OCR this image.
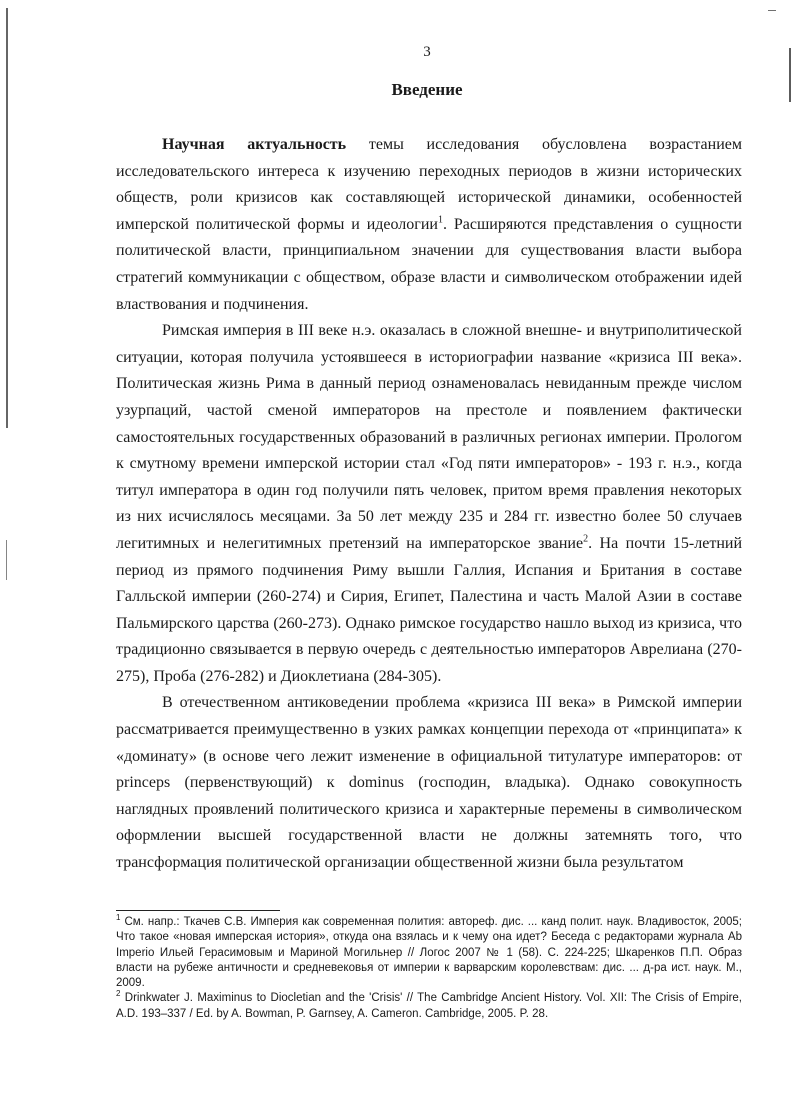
3
Введение

Научная актуальность темы исследования обусловлена возрастанием исследовательского интереса к изучению переходных периодов в жизни исторических обществ, роли кризисов как составляющей исторической динамики, особенностей имперской политической формы и идеологии$^1$. Расширяются представления о сущности политической власти, принципиальном значении для существования власти выбора стратегий коммуникации с обществом, образе власти и символическом отображении идей властвования и подчинения.

Римская империя в III веке н.э. оказалась в сложной внешне- и внутриполитической ситуации, которая получила устоявшееся в историографии название «кризиса III века». Политическая жизнь Рима в данный период ознаменовалась невиданным прежде числом узурпаций, частой сменой императоров на престоле и появлением фактически самостоятельных государственных образований в различных регионах империи. Прологом к смутному времени имперской истории стал «Год пяти императоров» - 193 г. н.э., когда титул императора в один год получили пять человек, притом время правления некоторых из них исчислялось месяцами. За 50 лет между 235 и 284 гг. известно более 50 случаев легитимных и нелегитимных претензий на императорское звание$^2$. На почти 15-летний период из прямого подчинения Риму вышли Галлия, Испания и Британия в составе Галльской империи (260-274) и Сирия, Египет, Палестина и часть Малой Азии в составе Пальмирского царства (260-273). Однако римское государство нашло выход из кризиса, что традиционно связывается в первую очередь с деятельностью императоров Аврелиана (270-275), Проба (276-282) и Диоклетиана (284-305).

В отечественном антиковедении проблема «кризиса III века» в Римской империи рассматривается преимущественно в узких рамках концепции перехода от «принципата» к «доминату» (в основе чего лежит изменение в официальной титулатуре императоров: от princeps (первенствующий) к dominus (господин, владыка). Однако совокупность наглядных проявлений политического кризиса и характерные перемены в символическом оформлении высшей государственной власти не должны затемнять того, что трансформация политической организации общественной жизни была результатом

$^1$ См. напр.: Ткачев С.В. Империя как современная полития: автореф. дис. ... канд полит. наук. Владивосток, 2005; Что такое «новая имперская история», откуда она взялась и к чему она идет? Беседа с редакторами журнала Ab Imperio Ильей Герасимовым и Мариной Могильнер // Логос 2007 № 1 (58). С. 224-225; Шкаренков П.П. Образ власти на рубеже античности и средневековья от империи к варварским королевствам: дис. ... д-ра ист. наук. М., 2009.

$^2$ Drinkwater J. Maximinus to Diocletian and the 'Crisis' // The Cambridge Ancient History. Vol. XII: The Crisis of Empire, A.D. 193–337 / Ed. by A. Bowman, P. Garnsey, A. Cameron. Cambridge, 2005. P. 28.
